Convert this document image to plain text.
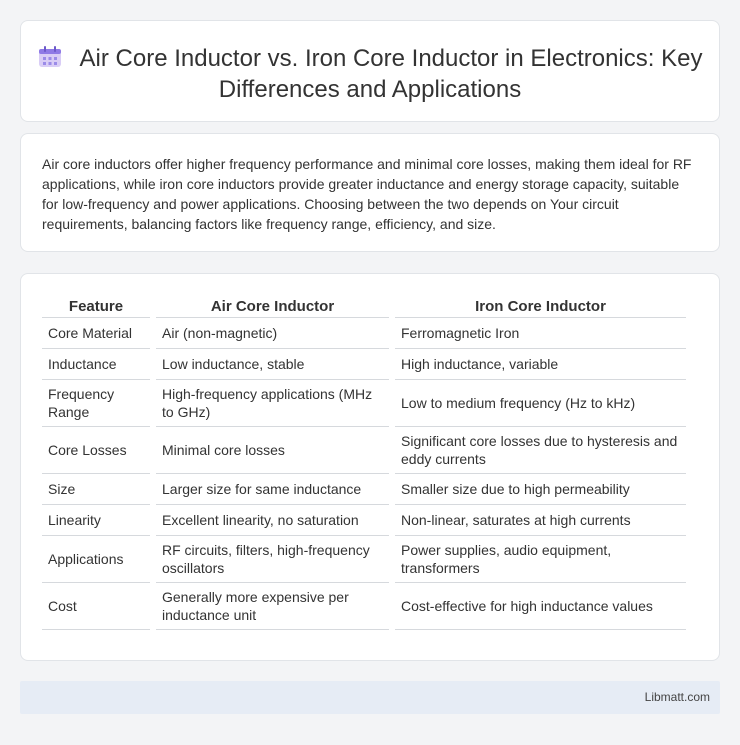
Air Core Inductor vs. Iron Core Inductor in Electronics: Key Differences and Applications

Air core inductors offer higher frequency performance and minimal core losses, making them ideal for RF applications, while iron core inductors provide greater inductance and energy storage capacity, suitable for low-frequency and power applications. Choosing between the two depends on Your circuit requirements, balancing factors like frequency range, efficiency, and size.

Feature	Air Core Inductor	Iron Core Inductor
Core Material	Air (non-magnetic)	Ferromagnetic Iron
Inductance	Low inductance, stable	High inductance, variable
Frequency Range	High-frequency applications (MHz to GHz)	Low to medium frequency (Hz to kHz)
Core Losses	Minimal core losses	Significant core losses due to hysteresis and eddy currents
Size	Larger size for same inductance	Smaller size due to high permeability
Linearity	Excellent linearity, no saturation	Non-linear, saturates at high currents
Applications	RF circuits, filters, high-frequency oscillators	Power supplies, audio equipment, transformers
Cost	Generally more expensive per inductance unit	Cost-effective for high inductance values
Libmatt.com
